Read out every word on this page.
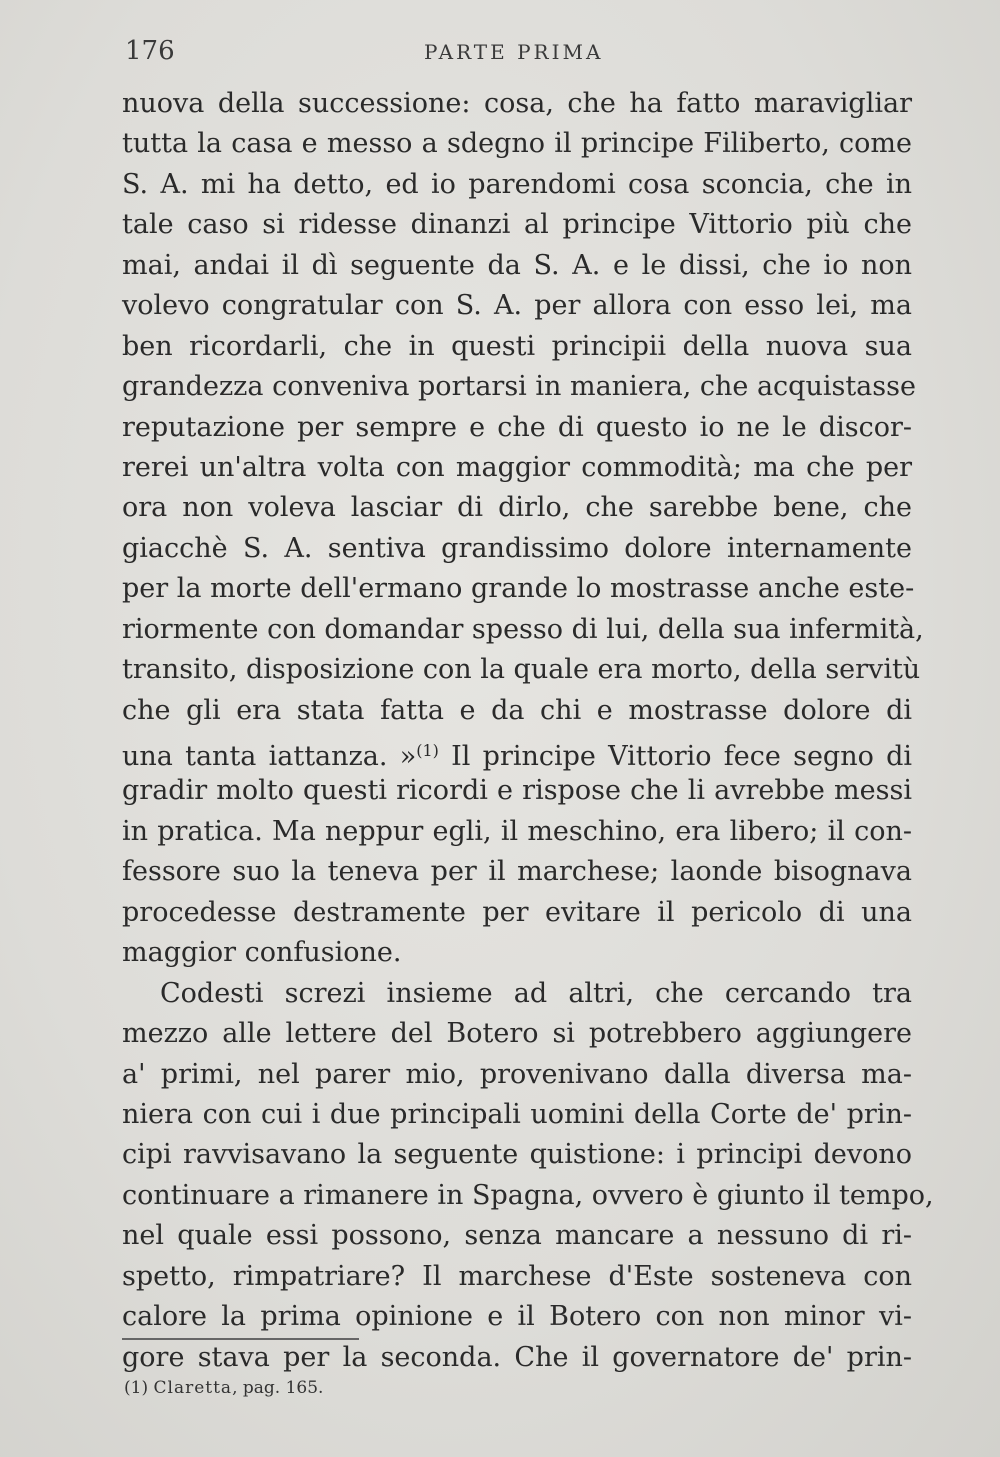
176	PARTE PRIMA
nuova della successione: cosa, che ha fatto maravigliar
tutta la casa e messo a sdegno il principe Filiberto, come
S. A. mi ha detto, ed io parendomi cosa sconcia, che in
tale caso si ridesse dinanzi al principe Vittorio più che
mai, andai il dì seguente da S. A. e le dissi, che io non
volevo congratular con S. A. per allora con esso lei, ma
ben ricordarli, che in questi principii della nuova sua
grandezza conveniva portarsi in maniera, che acquistasse
reputazione per sempre e che di questo io ne le discor-
rerei un'altra volta con maggior commodità; ma che per
ora non voleva lasciar di dirlo, che sarebbe bene, che
giacchè S. A. sentiva grandissimo dolore internamente
per la morte dell'ermano grande lo mostrasse anche este-
riormente con domandar spesso di lui, della sua infermità,
transito, disposizione con la quale era morto, della servitù
che gli era stata fatta e da chi e mostrasse dolore di
una tanta iattanza. »$^{(1)}$ Il principe Vittorio fece segno di
gradir molto questi ricordi e rispose che li avrebbe messi
in pratica. Ma neppur egli, il meschino, era libero; il con-
fessore suo la teneva per il marchese; laonde bisognava
procedesse destramente per evitare il pericolo di una
maggior confusione.
Codesti screzi insieme ad altri, che cercando tra
mezzo alle lettere del Botero si potrebbero aggiungere
a' primi, nel parer mio, provenivano dalla diversa ma-
niera con cui i due principali uomini della Corte de' prin-
cipi ravvisavano la seguente quistione: i principi devono
continuare a rimanere in Spagna, ovvero è giunto il tempo,
nel quale essi possono, senza mancare a nessuno di ri-
spetto, rimpatriare? Il marchese d'Este sosteneva con
calore la prima opinione e il Botero con non minor vi-
gore stava per la seconda. Che il governatore de' prin-
(1) Claretta, pag. 165.
